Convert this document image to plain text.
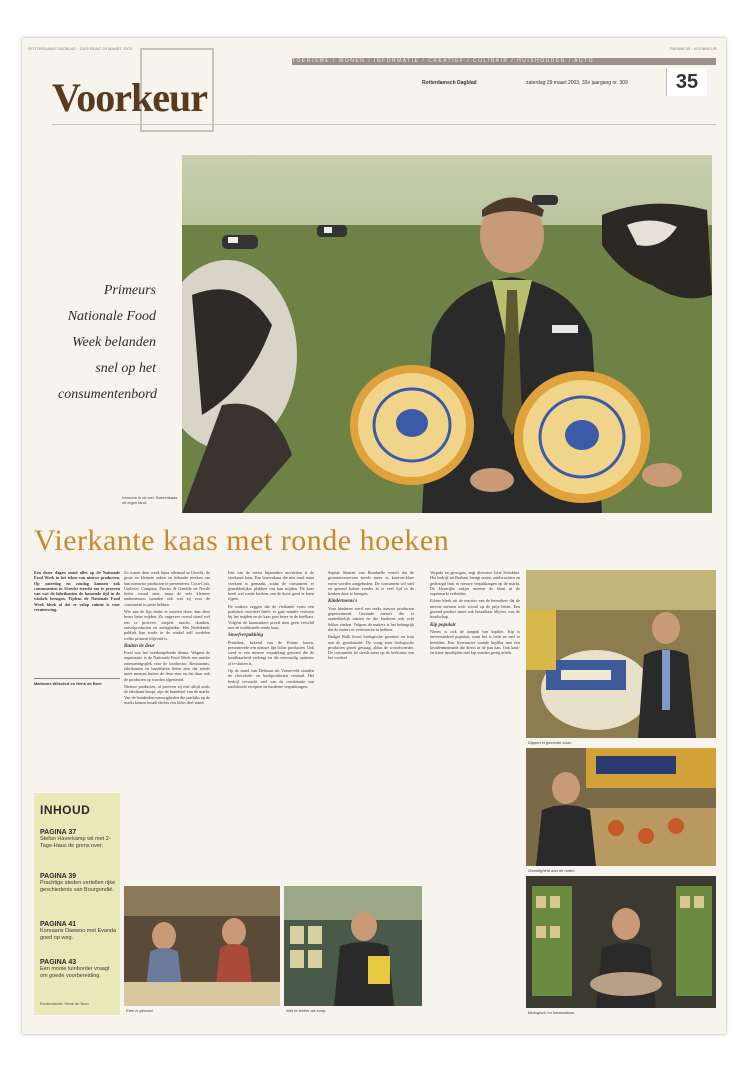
ROTTERDAMS DAGBLAD · ZATERDAG 29 MAART 2003	PAGINA 35 · VOORKEUR
TOERISME / WONEN / INFORMATIE / CREATIEF / CULINAIR / HUISHOUDEN / AUTO
Voorkeur	Rotterdamsch Dagblad	zaterdag 29 maart 2003, 32e jaargang nr. 309	35
Primeurs Nationale Food Week belanden snel op het consumentenbord
Kenners in de wei. Boerenkaas uit eigen land.
Vierkante kaas met ronde hoeken
Een dezer dagen stond alles op de Nationale Food Week in het teken van nieuwe producten. Op zaterdag en zondag kunnen ook consumenten in Utrecht terecht om te proeven van wat de fabrikanten de komende tijd in de winkels brengen. Tijdens de Nationale Food Week bleek al dat er volop ruimte is voor vernieuwing.
Marianne Wilschut en Henk de Boer
Zo waren deze week bijna allemaal in Utrecht, de grote en kleinere zaken en bekende merken om hun nieuwste producten te presenteren. Coca-Cola, Unilever, Campina, Procter & Gamble en Nestlé lieten vooral zien, maar de vele kleinere ondernemers toonden ook wat zij voor de consument in petto hebben.
Wie aan de lijn denkt te moeten doen, kan deze beurs beter mijden. Zo ongeveer overal stond wel iets te proeven: soepen, snacks, dranken, zuivelproducten en zoetigheden. Het Nederlands publiek kan straks in de winkel zelf oordelen welke primeur blijvend is.
Buiten de deur
Food was het overkoepelende thema. Volgens de organisatie is de Nationale Food Week een unieke ontmoetingsplek voor de foodsector. Restaurants, fabrikanten en handelaren lieten zien dat steeds meer mensen buiten de deur eten en dat daar ook de producten op worden afgestemd.
Nieuwe producten, al proeven zij niet altijd zoals de fabrikant hoopt, zijn de brandstof van de markt. Van de honderden nieuwigheden die jaarlijks op de markt komen houdt slechts een klein deel stand.
Een van de meest bijzondere noviteiten is de vierkante kaas. Een boerenkaas die niet rond maar vierkant is gemaakt, zodat de consument er gemakkelijker plakken van kan snijden. De kaas heeft wel ronde hoeken, om de korst goed te laten rijpen.
De makers zeggen dat de vierkante vorm een praktisch voordeel heeft: er gaat minder verloren bij het snijden en de kaas past beter in de koelkast. Volgens de kaasmakers proeft men geen verschil met de traditionele ronde kaas.
Snoefverpakking
President, bekend van de Franse kazen, presenteerde een nieuwe lijn lichte producten. Ook werd er een nieuwe verpakking getoond die de houdbaarheid verlengt en die eenvoudig opnieuw af te sluiten is.
Op de stand van Delmaus uit Varsseveld stonden de chocolade- en koekproducten centraal. Het bedrijf verwacht veel van de combinatie van traditionele recepten en moderne verpakkingen.
Sophie Stouten van Bonduelle vertelt dat de groenteconserven steeds meer in kant-en-klare vorm worden aangeboden. De consument wil snel en gezond koken zonder al te veel tijd in de keuken door te brengen.
Kindermenu's
Voor kinderen werd een reeks nieuwe producten gepresenteerd. Gezonde menu's die er aantrekkelijk uitzien en die kinderen ook echt lekker vinden. Volgens de makers is het belangrijk dat de ouders er vertrouwen in hebben.
Budget Bulk levert biologische groentes en fruit aan de groothandel. De vraag naar biologische producten groeit gestaag, aldus de woordvoerder. De consument let steeds meer op de herkomst van het voedsel.
Verpakt en gewogen, zegt directeur Jotie Schokker. Het bedrijf uit Brabant brengt noten, zuidvruchten en gedroogd fruit in nieuwe verpakkingen op de markt. De kleurrijke zakjes moeten de klant in de supermarkt verleiden.
Echter bleek uit de reacties van de bezoekers dat de meeste mensen toch vooral op de prijs letten. Een gezond product moet ook betaalbaar blijven, was de boodschap.
Kip populair
Nieuw is ook de aanpak van kipfilet. Kip is onverminderd populair, want het is licht en snel te bereiden. Een leverancier toonde kipfilet met een kruidenmarinade die direct in de pan kan. Ook kant-en-klare maaltijden met kip vonden gretig aftrek.
Dippen in gezonde kaas.
Gezelligheid aan de noten.
Biologisch en bewaarbaar.
Eten is gezond.	Niet te lekker als soep.
INHOUD
PAGINA 37
Stefan Haverkamp wil met 2-Tage-Haus de grens over.
PAGINA 39
Prachtige steden vertellen rijke geschiedenis van Bourgondië.
PAGINA 41
Koreaans Daewoo met Evanda goed op weg.
PAGINA 43
Een mooie tuinborder vraagt om goede voorbereiding.
Eindredactie: Henk de Boer
